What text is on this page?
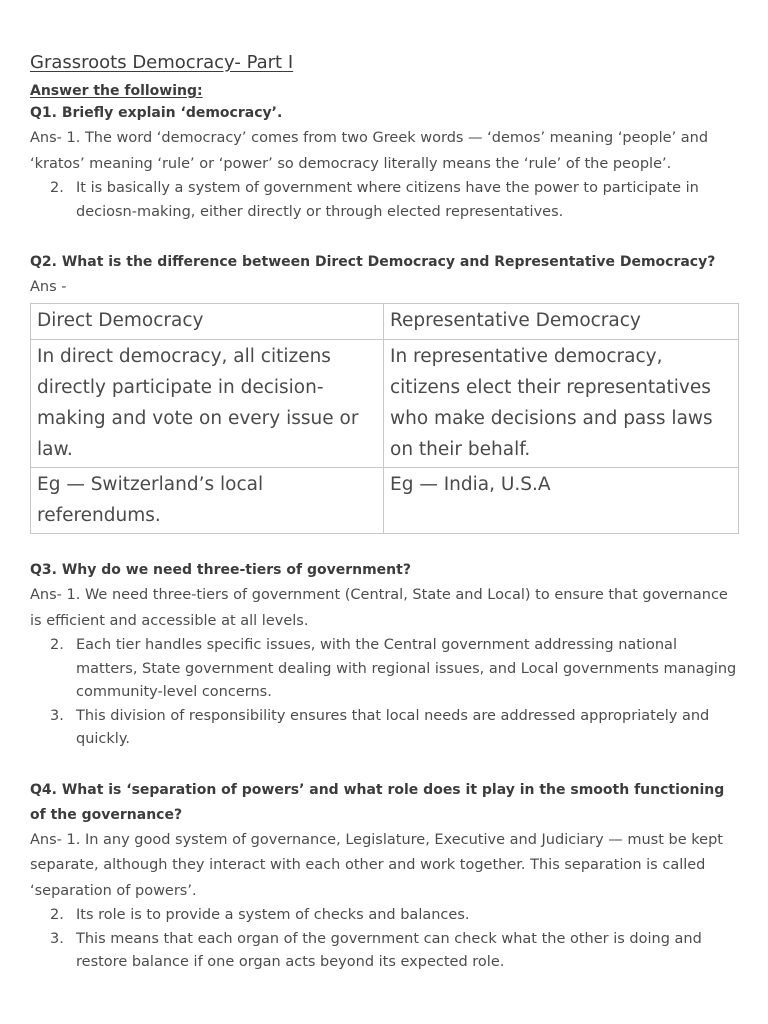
Grassroots Democracy- Part I
Answer the following:
Q1. Briefly explain ‘democracy’.
Ans- 1. The word ‘democracy’ comes from two Greek words — ‘demos’ meaning ‘people’ and ‘kratos’ meaning ‘rule’ or ‘power’ so democracy literally means the ‘rule’ of the people’.
2. It is basically a system of government where citizens have the power to participate in deciosn-making, either directly or through elected representatives.
Q2. What is the difference between Direct Democracy and Representative Democracy?
Ans -
Direct Democracy	Representative Democracy
In direct democracy, all citizens directly participate in decision-making and vote on every issue or law.	In representative democracy, citizens elect their representatives who make decisions and pass laws on their behalf.
Eg — Switzerland’s local referendums.	Eg — India, U.S.A
Q3. Why do we need three-tiers of government?
Ans- 1. We need three-tiers of government (Central, State and Local) to ensure that governance is efficient and accessible at all levels.
2. Each tier handles specific issues, with the Central government addressing national matters, State government dealing with regional issues, and Local governments managing community-level concerns.
3. This division of responsibility ensures that local needs are addressed appropriately and quickly.
Q4. What is ‘separation of powers’ and what role does it play in the smooth functioning of the governance?
Ans- 1. In any good system of governance, Legislature, Executive and Judiciary — must be kept separate, although they interact with each other and work together. This separation is called ‘separation of powers’.
2. Its role is to provide a system of checks and balances.
3. This means that each organ of the government can check what the other is doing and restore balance if one organ acts beyond its expected role.
